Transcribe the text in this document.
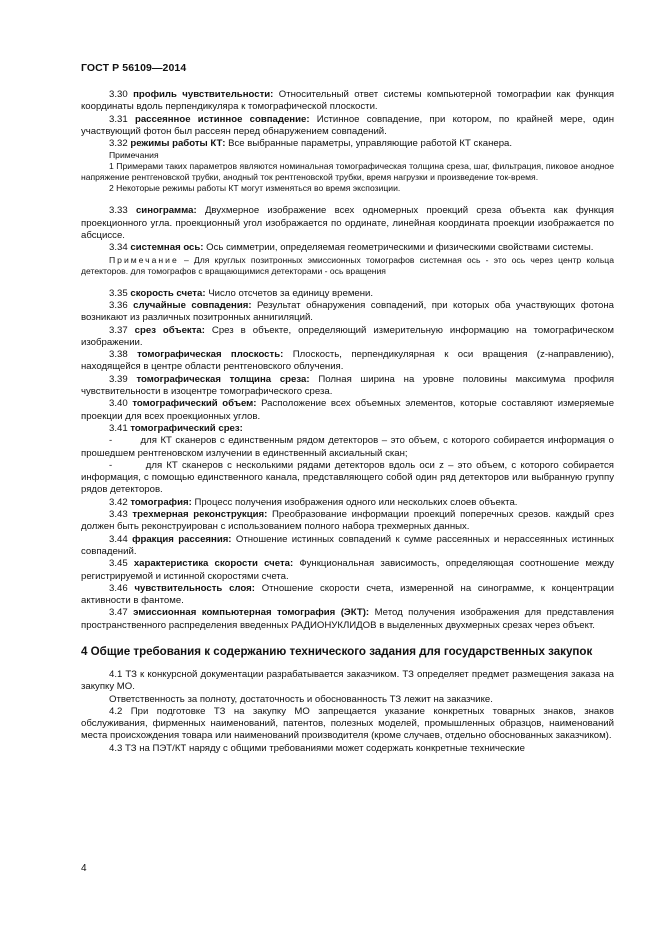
ГОСТ Р 56109—2014

3.30 профиль чувствительности: Относительный ответ системы компьютерной томографии как функция координаты вдоль перпендикуляра к томографической плоскости.

3.31 рассеянное истинное совпадение: Истинное совпадение, при котором, по крайней мере, один участвующий фотон был рассеян перед обнаружением совпадений.

3.32 режимы работы КТ: Все выбранные параметры, управляющие работой КТ сканера.

Примечания

1 Примерами таких параметров являются номинальная томографическая толщина среза, шаг, фильтрация, пиковое анодное напряжение рентгеновской трубки, анодный ток рентгеновской трубки, время нагрузки и произведение ток-время.

2 Некоторые режимы работы КТ могут изменяться во время экспозиции.

3.33 синограмма: Двухмерное изображение всех одномерных проекций среза объекта как функция проекционного угла. проекционный угол изображается по ординате, линейная координата проекции изображается по абсциссе.

3.34 системная ось: Ось симметрии, определяемая геометрическими и физическими свойствами системы.

Примечание – Для круглых позитронных эмиссионных томографов системная ось - это ось через центр кольца детекторов. для томографов с вращающимися детекторами - ось вращения

3.35 скорость счета: Число отсчетов за единицу времени.

3.36 случайные совпадения: Результат обнаружения совпадений, при которых оба участвующих фотона возникают из различных позитронных аннигиляций.

3.37 срез объекта: Срез в объекте, определяющий измерительную информацию на томографическом изображении.

3.38 томографическая плоскость: Плоскость, перпендикулярная к оси вращения (z-направлению), находящейся в центре области рентгеновского облучения.

3.39 томографическая толщина среза: Полная ширина на уровне половины максимума профиля чувствительности в изоцентре томографического среза.

3.40 томографический объем: Расположение всех объемных элементов, которые составляют измеряемые проекции для всех проекционных углов.

3.41 томографический срез:

-	для КТ сканеров с единственным рядом детекторов – это объем, с которого собирается информация о прошедшем рентгеновском излучении в единственный аксиальный скан;

-	для КТ сканеров с несколькими рядами детекторов вдоль оси z – это объем, с которого собирается информация, с помощью единственного канала, представляющего собой один ряд детекторов или выбранную группу рядов детекторов.

3.42 томография: Процесс получения изображения одного или нескольких слоев объекта.

3.43 трехмерная реконструкция: Преобразование информации проекций поперечных срезов. каждый срез должен быть реконструирован с использованием полного набора трехмерных данных.

3.44 фракция рассеяния: Отношение истинных совпадений к сумме рассеянных и нерассеянных истинных совпадений.

3.45 характеристика скорости счета: Функциональная зависимость, определяющая соотношение между регистрируемой и истинной скоростями счета.

3.46 чувствительность слоя: Отношение скорости счета, измеренной на синограмме, к концентрации активности в фантоме.

3.47 эмиссионная компьютерная томография (ЭКТ): Метод получения изображения для представления пространственного распределения введенных РАДИОНУКЛИДОВ в выделенных двухмерных срезах через объект.

4 Общие требования к содержанию технического задания для государственных закупок

4.1 ТЗ к конкурсной документации разрабатывается заказчиком. ТЗ определяет предмет размещения заказа на закупку МО.

Ответственность за полноту, достаточность и обоснованность ТЗ лежит на заказчике.

4.2 При подготовке ТЗ на закупку МО запрещается указание конкретных товарных знаков, знаков обслуживания, фирменных наименований, патентов, полезных моделей, промышленных образцов, наименований места происхождения товара или наименований производителя (кроме случаев, отдельно обоснованных заказчиком).

4.3 ТЗ на ПЭТ/КТ наряду с общими требованиями может содержать конкретные технические

4
